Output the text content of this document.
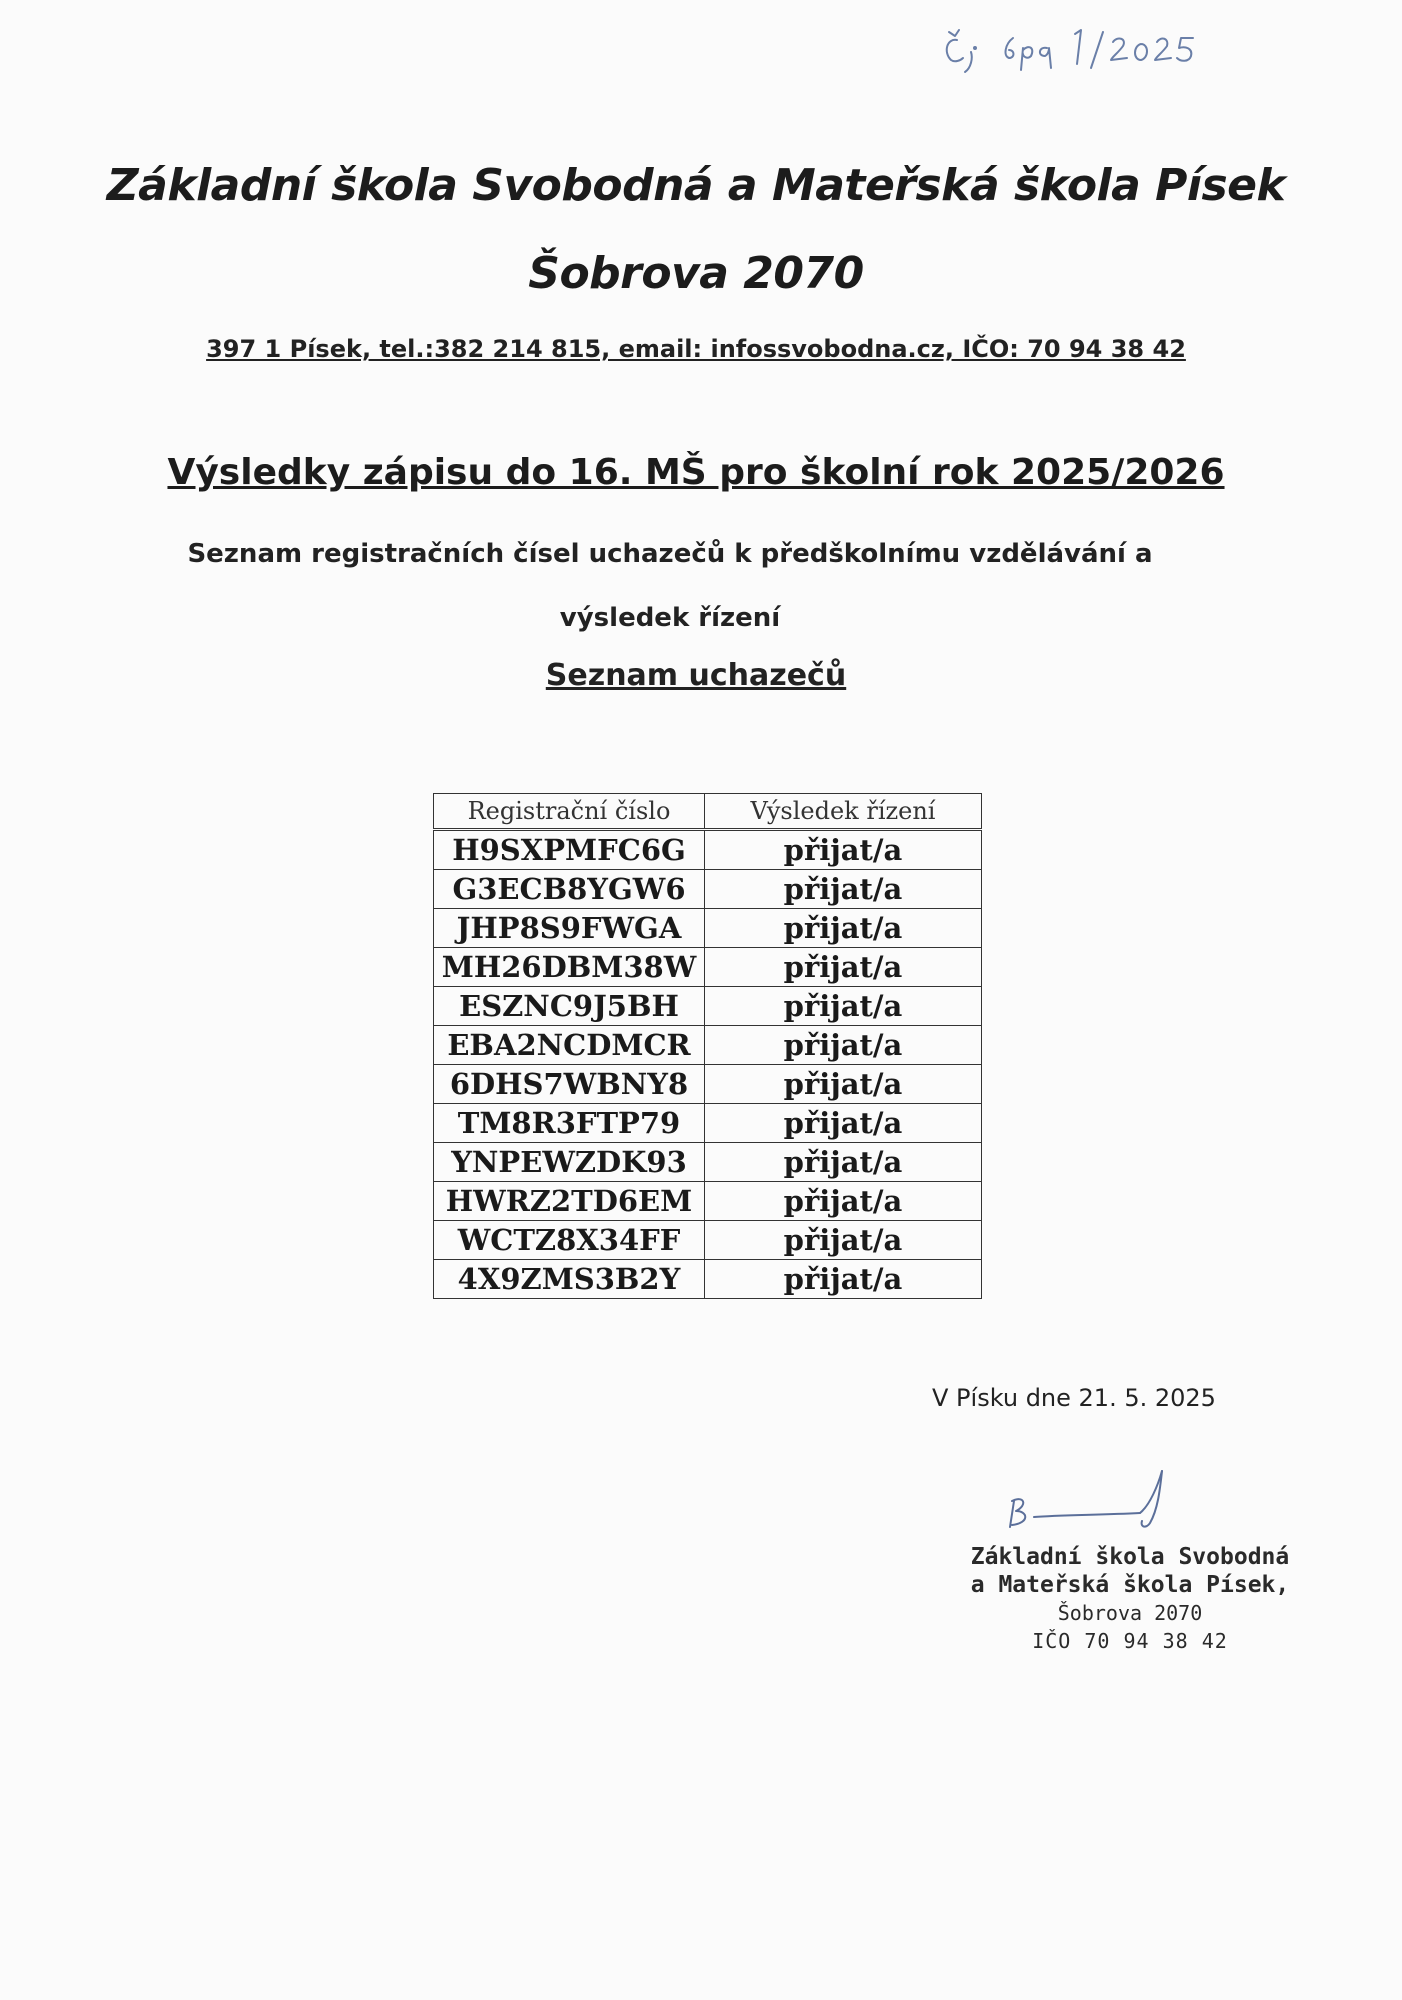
Základní škola Svobodná a Mateřská škola Písek
Šobrova 2070
397 1 Písek, tel.:382 214 815, email: infossvobodna.cz, IČO: 70 94 38 42
Výsledky zápisu do 16. MŠ pro školní rok 2025/2026
Seznam registračních čísel uchazečů k předškolnímu vzdělávání a výsledek řízení
Seznam uchazečů
Registrační číslo	Výsledek řízení
H9SXPMFC6G	přijat/a
G3ECB8YGW6	přijat/a
JHP8S9FWGA	přijat/a
MH26DBM38W	přijat/a
ESZNC9J5BH	přijat/a
EBA2NCDMCR	přijat/a
6DHS7WBNY8	přijat/a
TM8R3FTP79	přijat/a
YNPEWZDK93	přijat/a
HWRZ2TD6EM	přijat/a
WCTZ8X34FF	přijat/a
4X9ZMS3B2Y	přijat/a
V Písku dne 21. 5. 2025
Základní škola Svobodná
a Mateřská škola Písek,
Šobrova 2070
IČO 70 94 38 42
